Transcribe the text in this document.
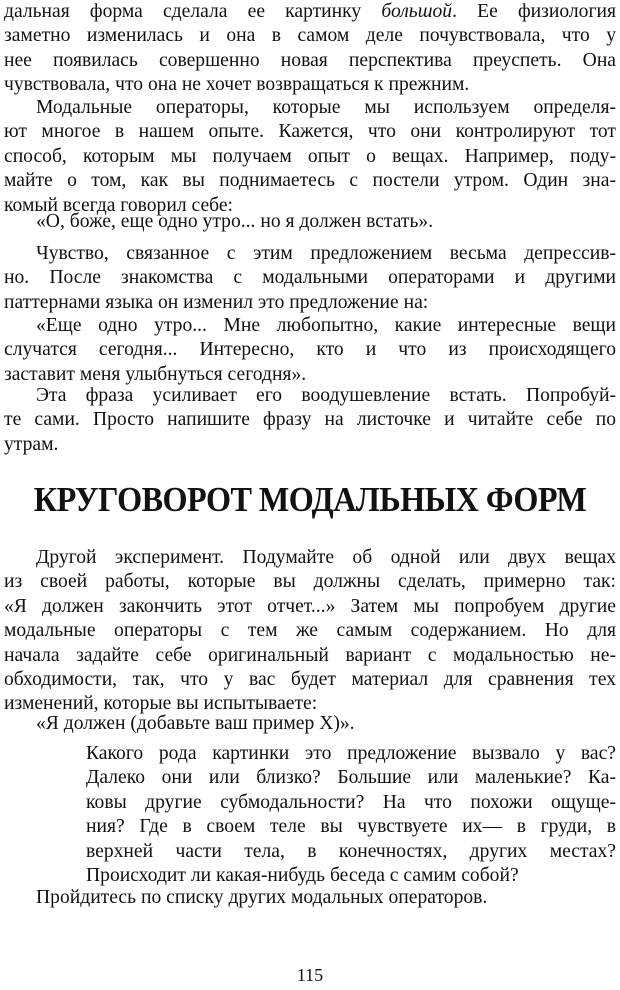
дальная форма сделала ее картинку большой. Ее физиология
заметно изменилась и она в самом деле почувствовала, что у
нее появилась совершенно новая перспектива преуспеть. Она
чувствовала, что она не хочет возвращаться к прежним.

Модальные операторы, которые мы используем определя-
ют многое в нашем опыте. Кажется, что они контролируют тот
способ, которым мы получаем опыт о вещах. Например, поду-
майте о том, как вы поднимаетесь с постели утром. Один зна-
комый всегда говорил себе:

«О, боже, еще одно утро... но я должен встать».

Чувство, связанное с этим предложением весьма депрессив-
но. После знакомства с модальными операторами и другими
паттернами языка он изменил это предложение на:

«Еще одно утро... Мне любопытно, какие интересные вещи
случатся сегодня... Интересно, кто и что из происходящего
заставит меня улыбнуться сегодня».

Эта фраза усиливает его воодушевление встать. Попробуй-
те сами. Просто напишите фразу на листочке и читайте себе по
утрам.

КРУГОВОРОТ МОДАЛЬНЫХ ФОРМ

Другой эксперимент. Подумайте об одной или двух вещах
из своей работы, которые вы должны сделать, примерно так:
«Я должен закончить этот отчет...» Затем мы попробуем другие
модальные операторы с тем же самым содержанием. Но для
начала задайте себе оригинальный вариант с модальностью не-
обходимости, так, что у вас будет материал для сравнения тех
изменений, которые вы испытываете:

«Я должен (добавьте ваш пример X)».

Какого рода картинки это предложение вызвало у вас?
Далеко они или близко? Большие или маленькие? Ка-
ковы другие субмодальности? На что похожи ощуще-
ния? Где в своем теле вы чувствуете их— в груди, в
верхней части тела, в конечностях, других местах?
Происходит ли какая-нибудь беседа с самим собой?

Пройдитесь по списку других модальных операторов.

115
